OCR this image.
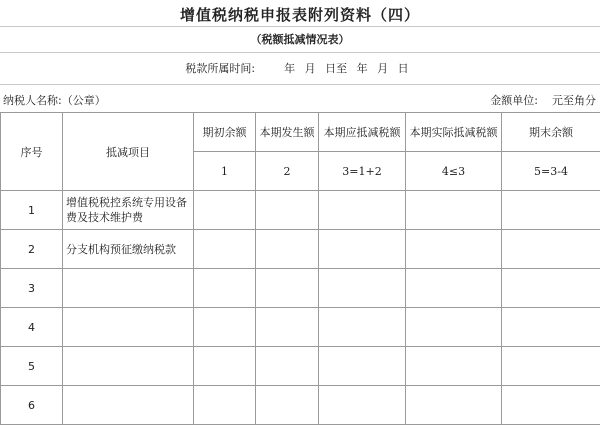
增值税纳税申报表附列资料（四）
（税额抵减情况表）
税款所属时间:	年 月 日至 年 月 日
纳税人名称:（公章）	金额单位: 元至角分
序号	抵减项目	期初余额	本期发生额	本期应抵减税额	本期实际抵减税额	期末余额
		1	2	3=1+2	4≤3	5=3-4
1	增值税税控系统专用设备费及技术维护费					
2	分支机构预征缴纳税款					
3						
4						
5						
6						
